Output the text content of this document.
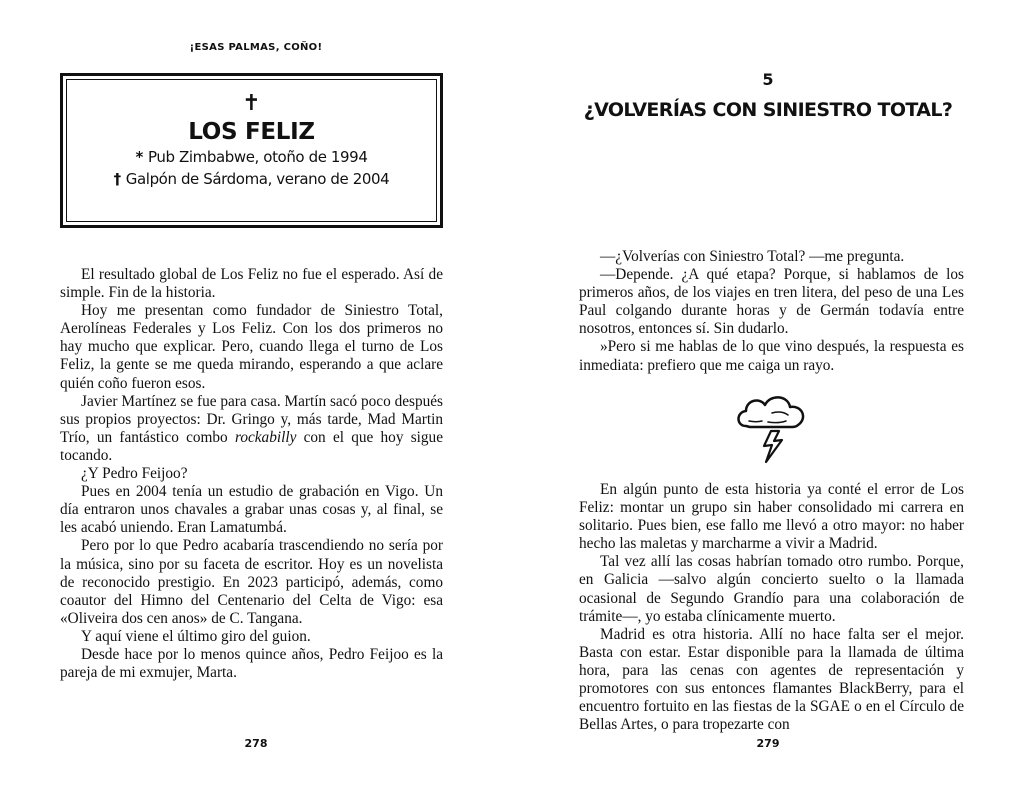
¡ESAS PALMAS, COÑO!
✝
LOS FELIZ
* Pub Zimbabwe, otoño de 1994
† Galpón de Sárdoma, verano de 2004

El resultado global de Los Feliz no fue el esperado. Así de simple. Fin de la historia.

Hoy me presentan como fundador de Siniestro Total, Aerolíneas Federales y Los Feliz. Con los dos primeros no hay mucho que explicar. Pero, cuando llega el turno de Los Feliz, la gente se me queda mirando, esperando a que aclare quién coño fueron esos.

Javier Martínez se fue para casa. Martín sacó poco después sus propios proyectos: Dr. Gringo y, más tarde, Mad Martin Trío, un fantástico combo rockabilly con el que hoy sigue tocando.

¿Y Pedro Feijoo?

Pues en 2004 tenía un estudio de grabación en Vigo. Un día entraron unos chavales a grabar unas cosas y, al final, se les acabó uniendo. Eran Lamatumbá.

Pero por lo que Pedro acabaría trascendiendo no sería por la música, sino por su faceta de escritor. Hoy es un novelista de reconocido prestigio. En 2023 participó, además, como coautor del Himno del Centenario del Celta de Vigo: esa «Oliveira dos cen anos» de C. Tangana.

Y aquí viene el último giro del guion.

Desde hace por lo menos quince años, Pedro Feijoo es la pareja de mi exmujer, Marta.

278
5
¿VOLVERÍAS CON SINIESTRO TOTAL?

—¿Volverías con Siniestro Total? —me pregunta.

—Depende. ¿A qué etapa? Porque, si hablamos de los primeros años, de los viajes en tren litera, del peso de una Les Paul colgando durante horas y de Germán todavía entre nosotros, entonces sí. Sin dudarlo.

»Pero si me hablas de lo que vino después, la respuesta es inmediata: prefiero que me caiga un rayo.

En algún punto de esta historia ya conté el error de Los Feliz: montar un grupo sin haber consolidado mi carrera en solitario. Pues bien, ese fallo me llevó a otro mayor: no haber hecho las maletas y marcharme a vivir a Madrid.

Tal vez allí las cosas habrían tomado otro rumbo. Porque, en Galicia —salvo algún concierto suelto o la llamada ocasional de Segundo Grandío para una colaboración de trámite—, yo estaba clínicamente muerto.

Madrid es otra historia. Allí no hace falta ser el mejor. Basta con estar. Estar disponible para la llamada de última hora, para las cenas con agentes de representación y promotores con sus entonces flamantes BlackBerry, para el encuentro fortuito en las fiestas de la SGAE o en el Círculo de Bellas Artes, o para tropezarte con

279
